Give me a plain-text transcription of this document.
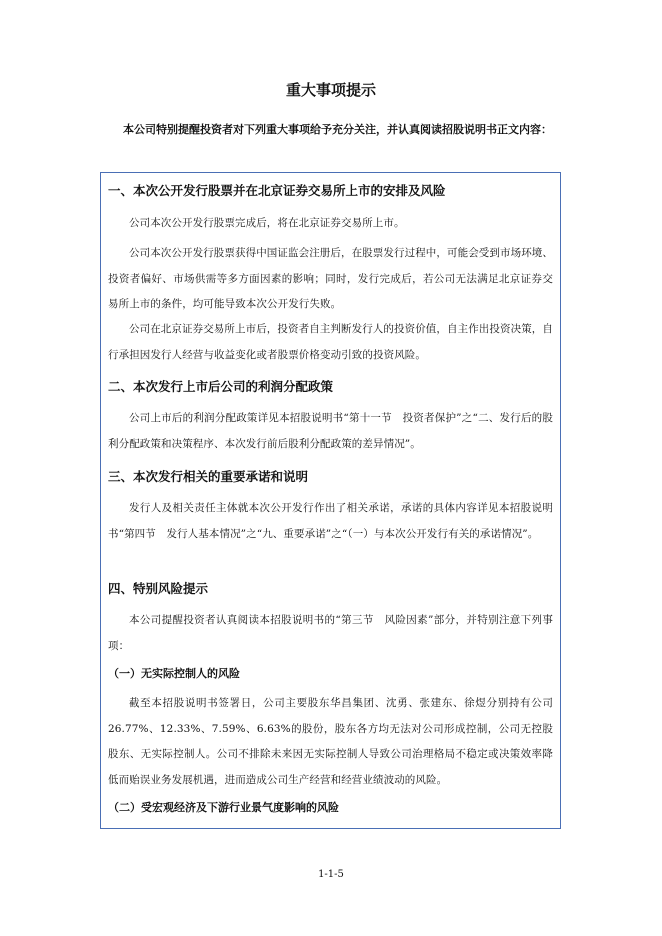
重大事项提示
本公司特别提醒投资者对下列重大事项给予充分关注，并认真阅读招股说明书正文内容：
一、本次公开发行股票并在北京证券交易所上市的安排及风险
公司本次公开发行股票完成后，将在北京证券交易所上市。
公司本次公开发行股票获得中国证监会注册后，在股票发行过程中，可能会受到市场环境、投资者偏好、市场供需等多方面因素的影响；同时，发行完成后，若公司无法满足北京证券交易所上市的条件，均可能导致本次公开发行失败。
公司在北京证券交易所上市后，投资者自主判断发行人的投资价值，自主作出投资决策，自行承担因发行人经营与收益变化或者股票价格变动引致的投资风险。
二、本次发行上市后公司的利润分配政策
公司上市后的利润分配政策详见本招股说明书“第十一节　投资者保护”之“二、发行后的股利分配政策和决策程序、本次发行前后股利分配政策的差异情况”。
三、本次发行相关的重要承诺和说明
发行人及相关责任主体就本次公开发行作出了相关承诺，承诺的具体内容详见本招股说明书“第四节　发行人基本情况”之“九、重要承诺”之“（一）与本次公开发行有关的承诺情况”。
四、特别风险提示
本公司提醒投资者认真阅读本招股说明书的“第三节　风险因素”部分，并特别注意下列事项：
（一）无实际控制人的风险
截至本招股说明书签署日，公司主要股东华昌集团、沈勇、张建东、徐煜分别持有公司26.77%、12.33%、7.59%、6.63%的股份，股东各方均无法对公司形成控制，公司无控股股东、无实际控制人。公司不排除未来因无实际控制人导致公司治理格局不稳定或决策效率降低而贻误业务发展机遇，进而造成公司生产经营和经营业绩波动的风险。
（二）受宏观经济及下游行业景气度影响的风险
1-1-5
